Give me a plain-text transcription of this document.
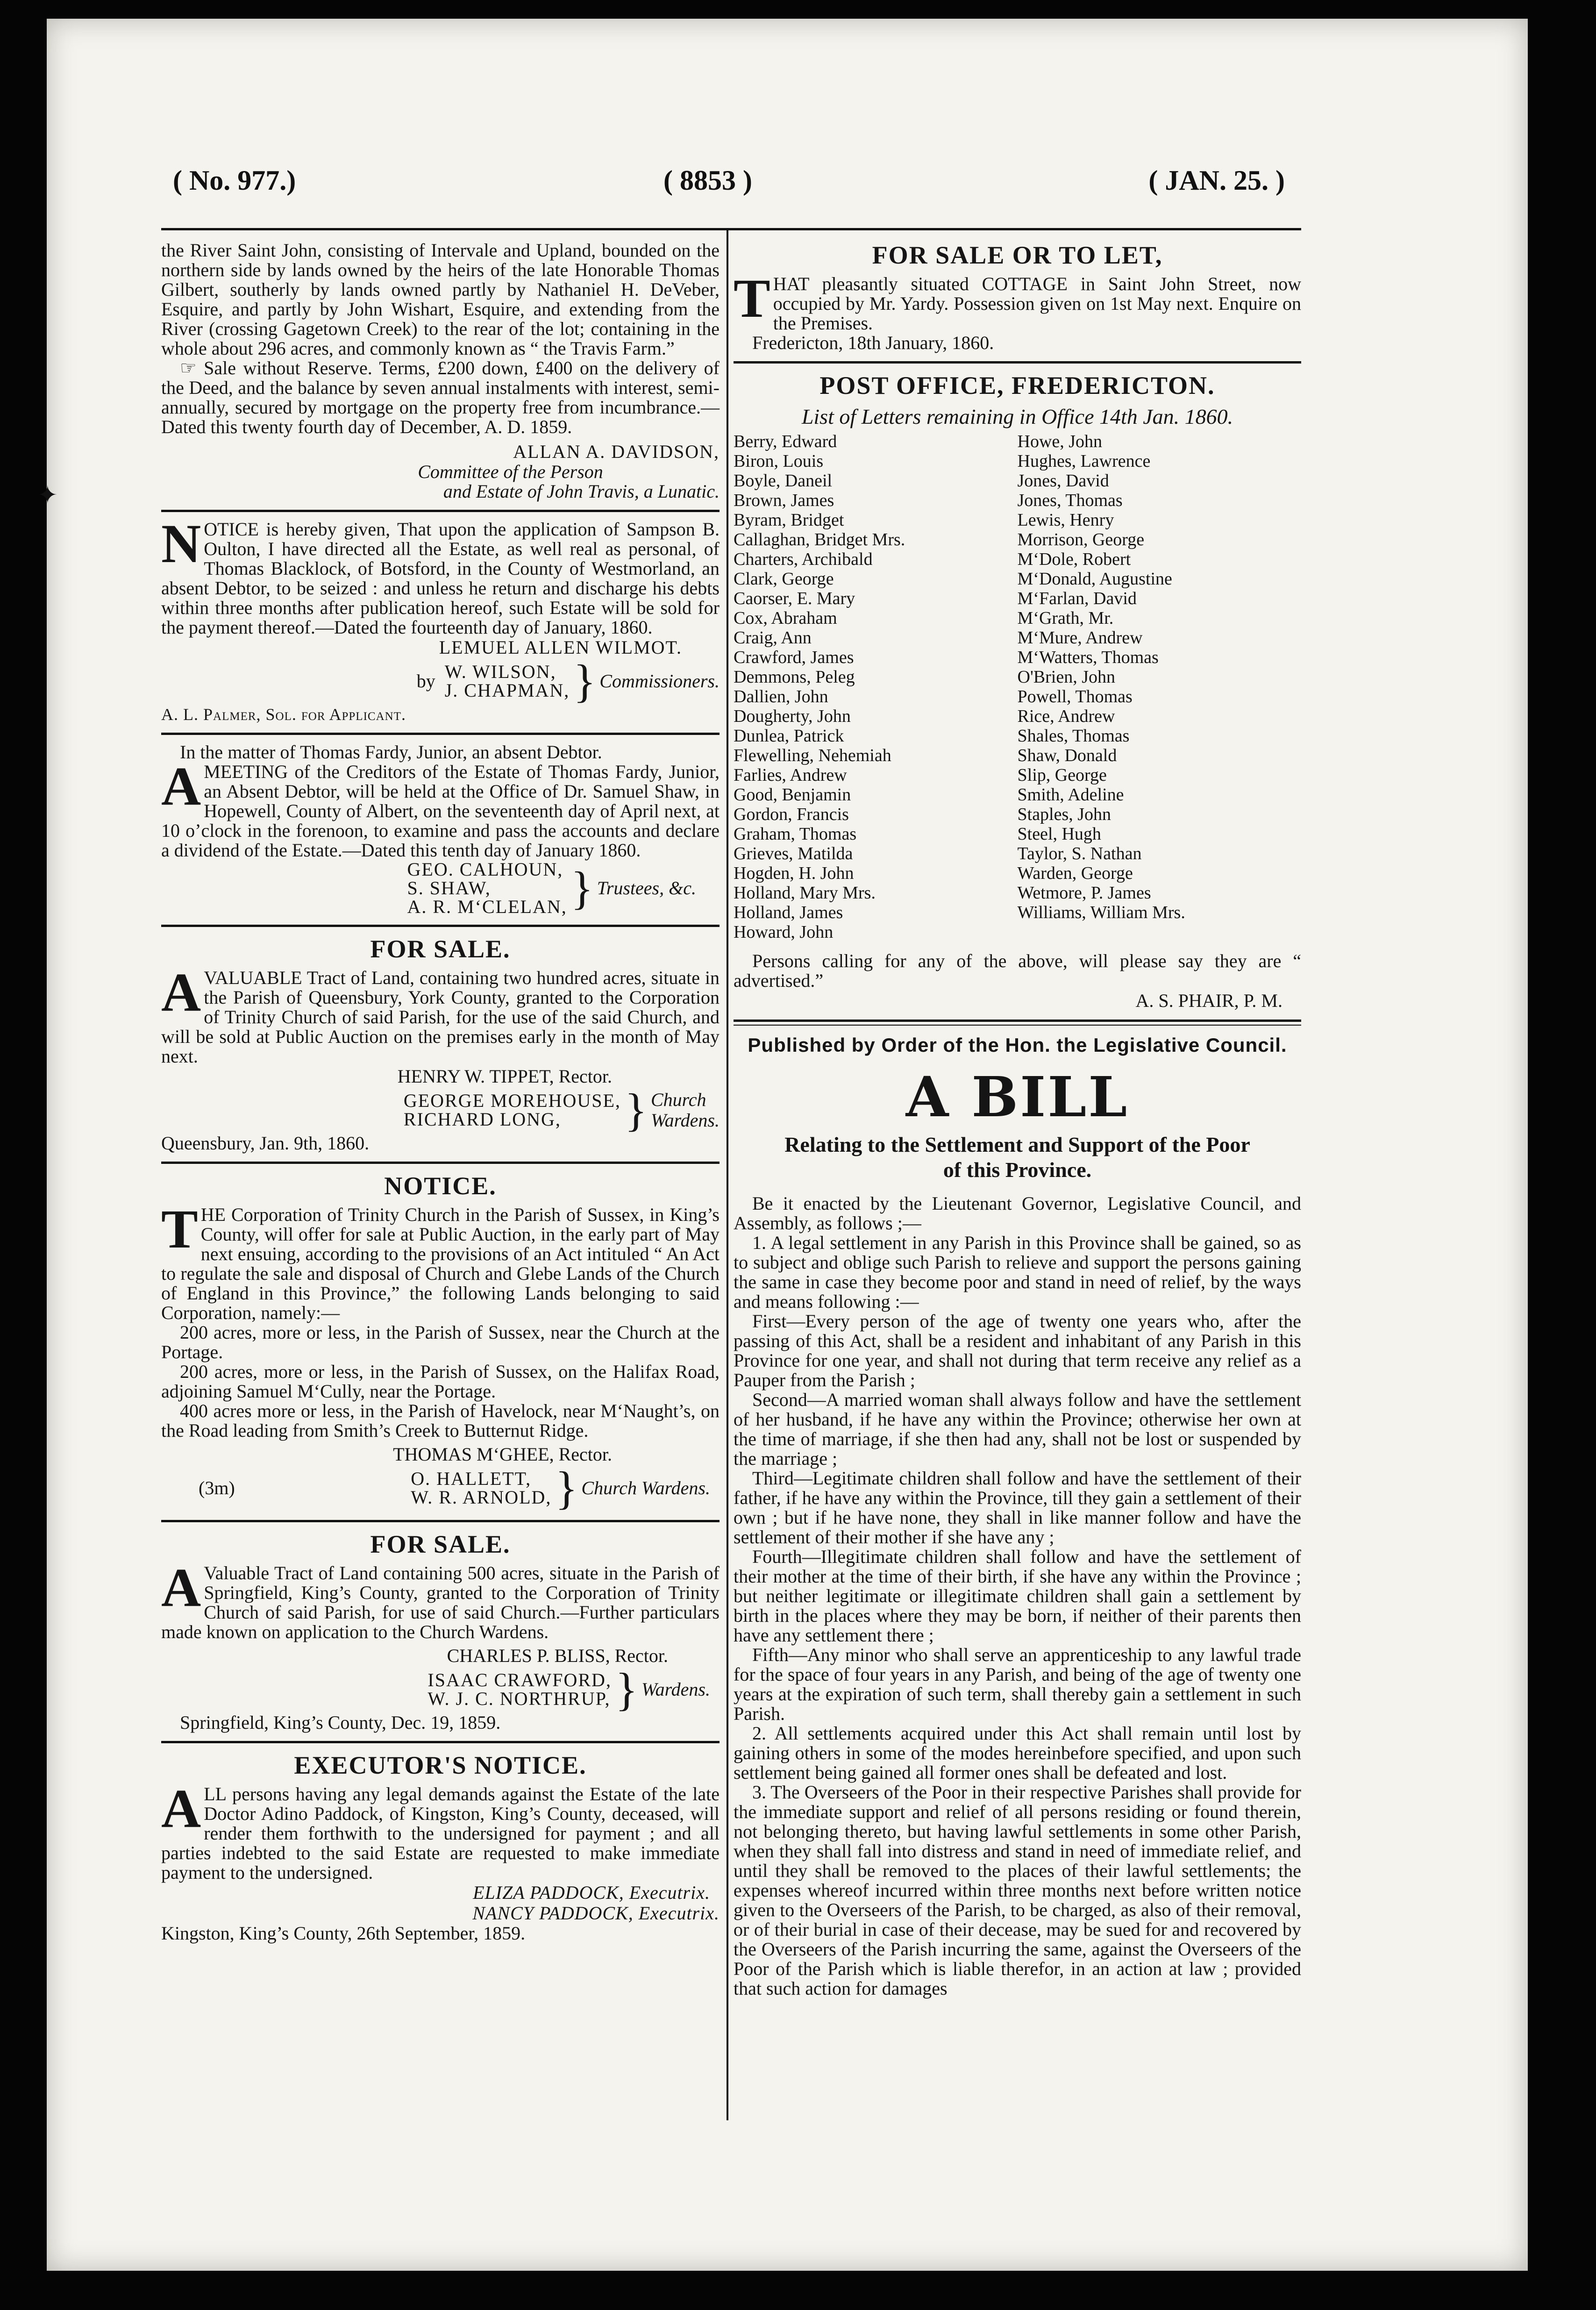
( No. 977.)	( 8853 )	( JAN. 25. )
✦

the River Saint John, consisting of Intervale and Upland, bounded on the northern side by lands owned by the heirs of the late Honorable Thomas Gilbert, southerly by lands owned partly by Nathaniel H. DeVeber, Esquire, and partly by John Wishart, Esquire, and extending from the River (crossing Gagetown Creek) to the rear of the lot; containing in the whole about 296 acres, and commonly known as “ the Travis Farm.”

☞ Sale without Reserve. Terms, £200 down, £400 on the delivery of the Deed, and the balance by seven annual instalments with interest, semi-annually, secured by mortgage on the property free from incumbrance.—Dated this twenty fourth day of December, A. D. 1859.

ALLAN A. DAVIDSON,
Committee of the Person
and Estate of John Travis, a Lunatic.

NOTICE is hereby given, That upon the application of Sampson B. Oulton, I have directed all the Estate, as well real as personal, of Thomas Blacklock, of Botsford, in the County of Westmorland, an absent Debtor, to be seized : and unless he return and discharge his debts within three months after publication hereof, such Estate will be sold for the payment thereof.—Dated the fourteenth day of January, 1860.

LEMUEL ALLEN WILMOT.
by W. WILSON,
J. CHAPMAN, } Commissioners.
A. L. Palmer, Sol. for Applicant.
In the matter of Thomas Fardy, Junior, an absent Debtor.

A MEETING of the Creditors of the Estate of Thomas Fardy, Junior, an Absent Debtor, will be held at the Office of Dr. Samuel Shaw, in Hopewell, County of Albert, on the seventeenth day of April next, at 10 o’clock in the forenoon, to examine and pass the accounts and declare a dividend of the Estate.—Dated this tenth day of January 1860.

GEO. CALHOUN,
S. SHAW,
A. R. M‘CLELAN, } Trustees, &c.
FOR SALE.

A VALUABLE Tract of Land, containing two hundred acres, situate in the Parish of Queensbury, York County, granted to the Corporation of Trinity Church of said Parish, for the use of the said Church, and will be sold at Public Auction on the premises early in the month of May next.

HENRY W. TIPPET, Rector.
GEORGE MOREHOUSE,
RICHARD LONG,	} Church
Wardens.
Queensbury, Jan. 9th, 1860.
NOTICE.

THE Corporation of Trinity Church in the Parish of Sussex, in King’s County, will offer for sale at Public Auction, in the early part of May next ensuing, according to the provisions of an Act intituled “ An Act to regulate the sale and disposal of Church and Glebe Lands of the Church of England in this Province,” the following Lands belonging to said Corporation, namely:—

200 acres, more or less, in the Parish of Sussex, near the Church at the Portage.

200 acres, more or less, in the Parish of Sussex, on the Halifax Road, adjoining Samuel M‘Cully, near the Portage.

400 acres more or less, in the Parish of Havelock, near M‘Naught’s, on the Road leading from Smith’s Creek to Butternut Ridge.

THOMAS M‘GHEE, Rector.
(3m)	O. HALLETT,
W. R. ARNOLD, } Church Wardens.
FOR SALE.

A Valuable Tract of Land containing 500 acres, situate in the Parish of Springfield, King’s County, granted to the Corporation of Trinity Church of said Parish, for use of said Church.—Further particulars made known on application to the Church Wardens.

CHARLES P. BLISS, Rector.
ISAAC CRAWFORD,
W. J. C. NORTHRUP, } Wardens.
Springfield, King’s County, Dec. 19, 1859.
EXECUTOR'S NOTICE.

ALL persons having any legal demands against the Estate of the late Doctor Adino Paddock, of Kingston, King’s County, deceased, will render them forthwith to the undersigned for payment ; and all parties indebted to the said Estate are requested to make immediate payment to the undersigned.

ELIZA PADDOCK, Executrix.
NANCY PADDOCK, Executrix.
Kingston, King’s County, 26th September, 1859.
FOR SALE OR TO LET,

THAT pleasantly situated COTTAGE in Saint John Street, now occupied by Mr. Yardy. Possession given on 1st May next. Enquire on the Premises.

Fredericton, 18th January, 1860.
POST OFFICE, FREDERICTON.
List of Letters remaining in Office 14th Jan. 1860.
Berry, Edward
Biron, Louis
Boyle, Daneil
Brown, James
Byram, Bridget
Callaghan, Bridget Mrs.
Charters, Archibald
Clark, George
Caorser, E. Mary
Cox, Abraham
Craig, Ann
Crawford, James
Demmons, Peleg
Dallien, John
Dougherty, John
Dunlea, Patrick
Flewelling, Nehemiah
Farlies, Andrew
Good, Benjamin
Gordon, Francis
Graham, Thomas
Grieves, Matilda
Hogden, H. John
Holland, Mary Mrs.
Holland, James
Howard, John
Howe, John
Hughes, Lawrence
Jones, David
Jones, Thomas
Lewis, Henry
Morrison, George
M‘Dole, Robert
M‘Donald, Augustine
M‘Farlan, David
M‘Grath, Mr.
M‘Mure, Andrew
M‘Watters, Thomas
O'Brien, John
Powell, Thomas
Rice, Andrew
Shales, Thomas
Shaw, Donald
Slip, George
Smith, Adeline
Staples, John
Steel, Hugh
Taylor, S. Nathan
Warden, George
Wetmore, P. James
Williams, William Mrs.

Persons calling for any of the above, will please say they are “ advertised.”

A. S. PHAIR, P. M.
Published by Order of the Hon. the Legislative Council.
A BILL
Relating to the Settlement and Support of the Poor
of this Province.

Be it enacted by the Lieutenant Governor, Legislative Council, and Assembly, as follows ;—

1. A legal settlement in any Parish in this Province shall be gained, so as to subject and oblige such Parish to relieve and support the persons gaining the same in case they become poor and stand in need of relief, by the ways and means following :—

First—Every person of the age of twenty one years who, after the passing of this Act, shall be a resident and inhabitant of any Parish in this Province for one year, and shall not during that term receive any relief as a Pauper from the Parish ;

Second—A married woman shall always follow and have the settlement of her husband, if he have any within the Province; otherwise her own at the time of marriage, if she then had any, shall not be lost or suspended by the marriage ;

Third—Legitimate children shall follow and have the settlement of their father, if he have any within the Province, till they gain a settlement of their own ; but if he have none, they shall in like manner follow and have the settlement of their mother if she have any ;

Fourth—Illegitimate children shall follow and have the settlement of their mother at the time of their birth, if she have any within the Province ; but neither legitimate or illegitimate children shall gain a settlement by birth in the places where they may be born, if neither of their parents then have any settlement there ;

Fifth—Any minor who shall serve an apprenticeship to any lawful trade for the space of four years in any Parish, and being of the age of twenty one years at the expiration of such term, shall thereby gain a settlement in such Parish.

2. All settlements acquired under this Act shall remain until lost by gaining others in some of the modes hereinbefore specified, and upon such settlement being gained all former ones shall be defeated and lost.

3. The Overseers of the Poor in their respective Parishes shall provide for the immediate support and relief of all persons residing or found therein, not belonging thereto, but having lawful settlements in some other Parish, when they shall fall into distress and stand in need of immediate relief, and until they shall be removed to the places of their lawful settlements; the expenses whereof incurred within three months next before written notice given to the Overseers of the Parish, to be charged, as also of their removal, or of their burial in case of their decease, may be sued for and recovered by the Overseers of the Parish incurring the same, against the Overseers of the Poor of the Parish which is liable therefor, in an action at law ; provided that such action for damages
